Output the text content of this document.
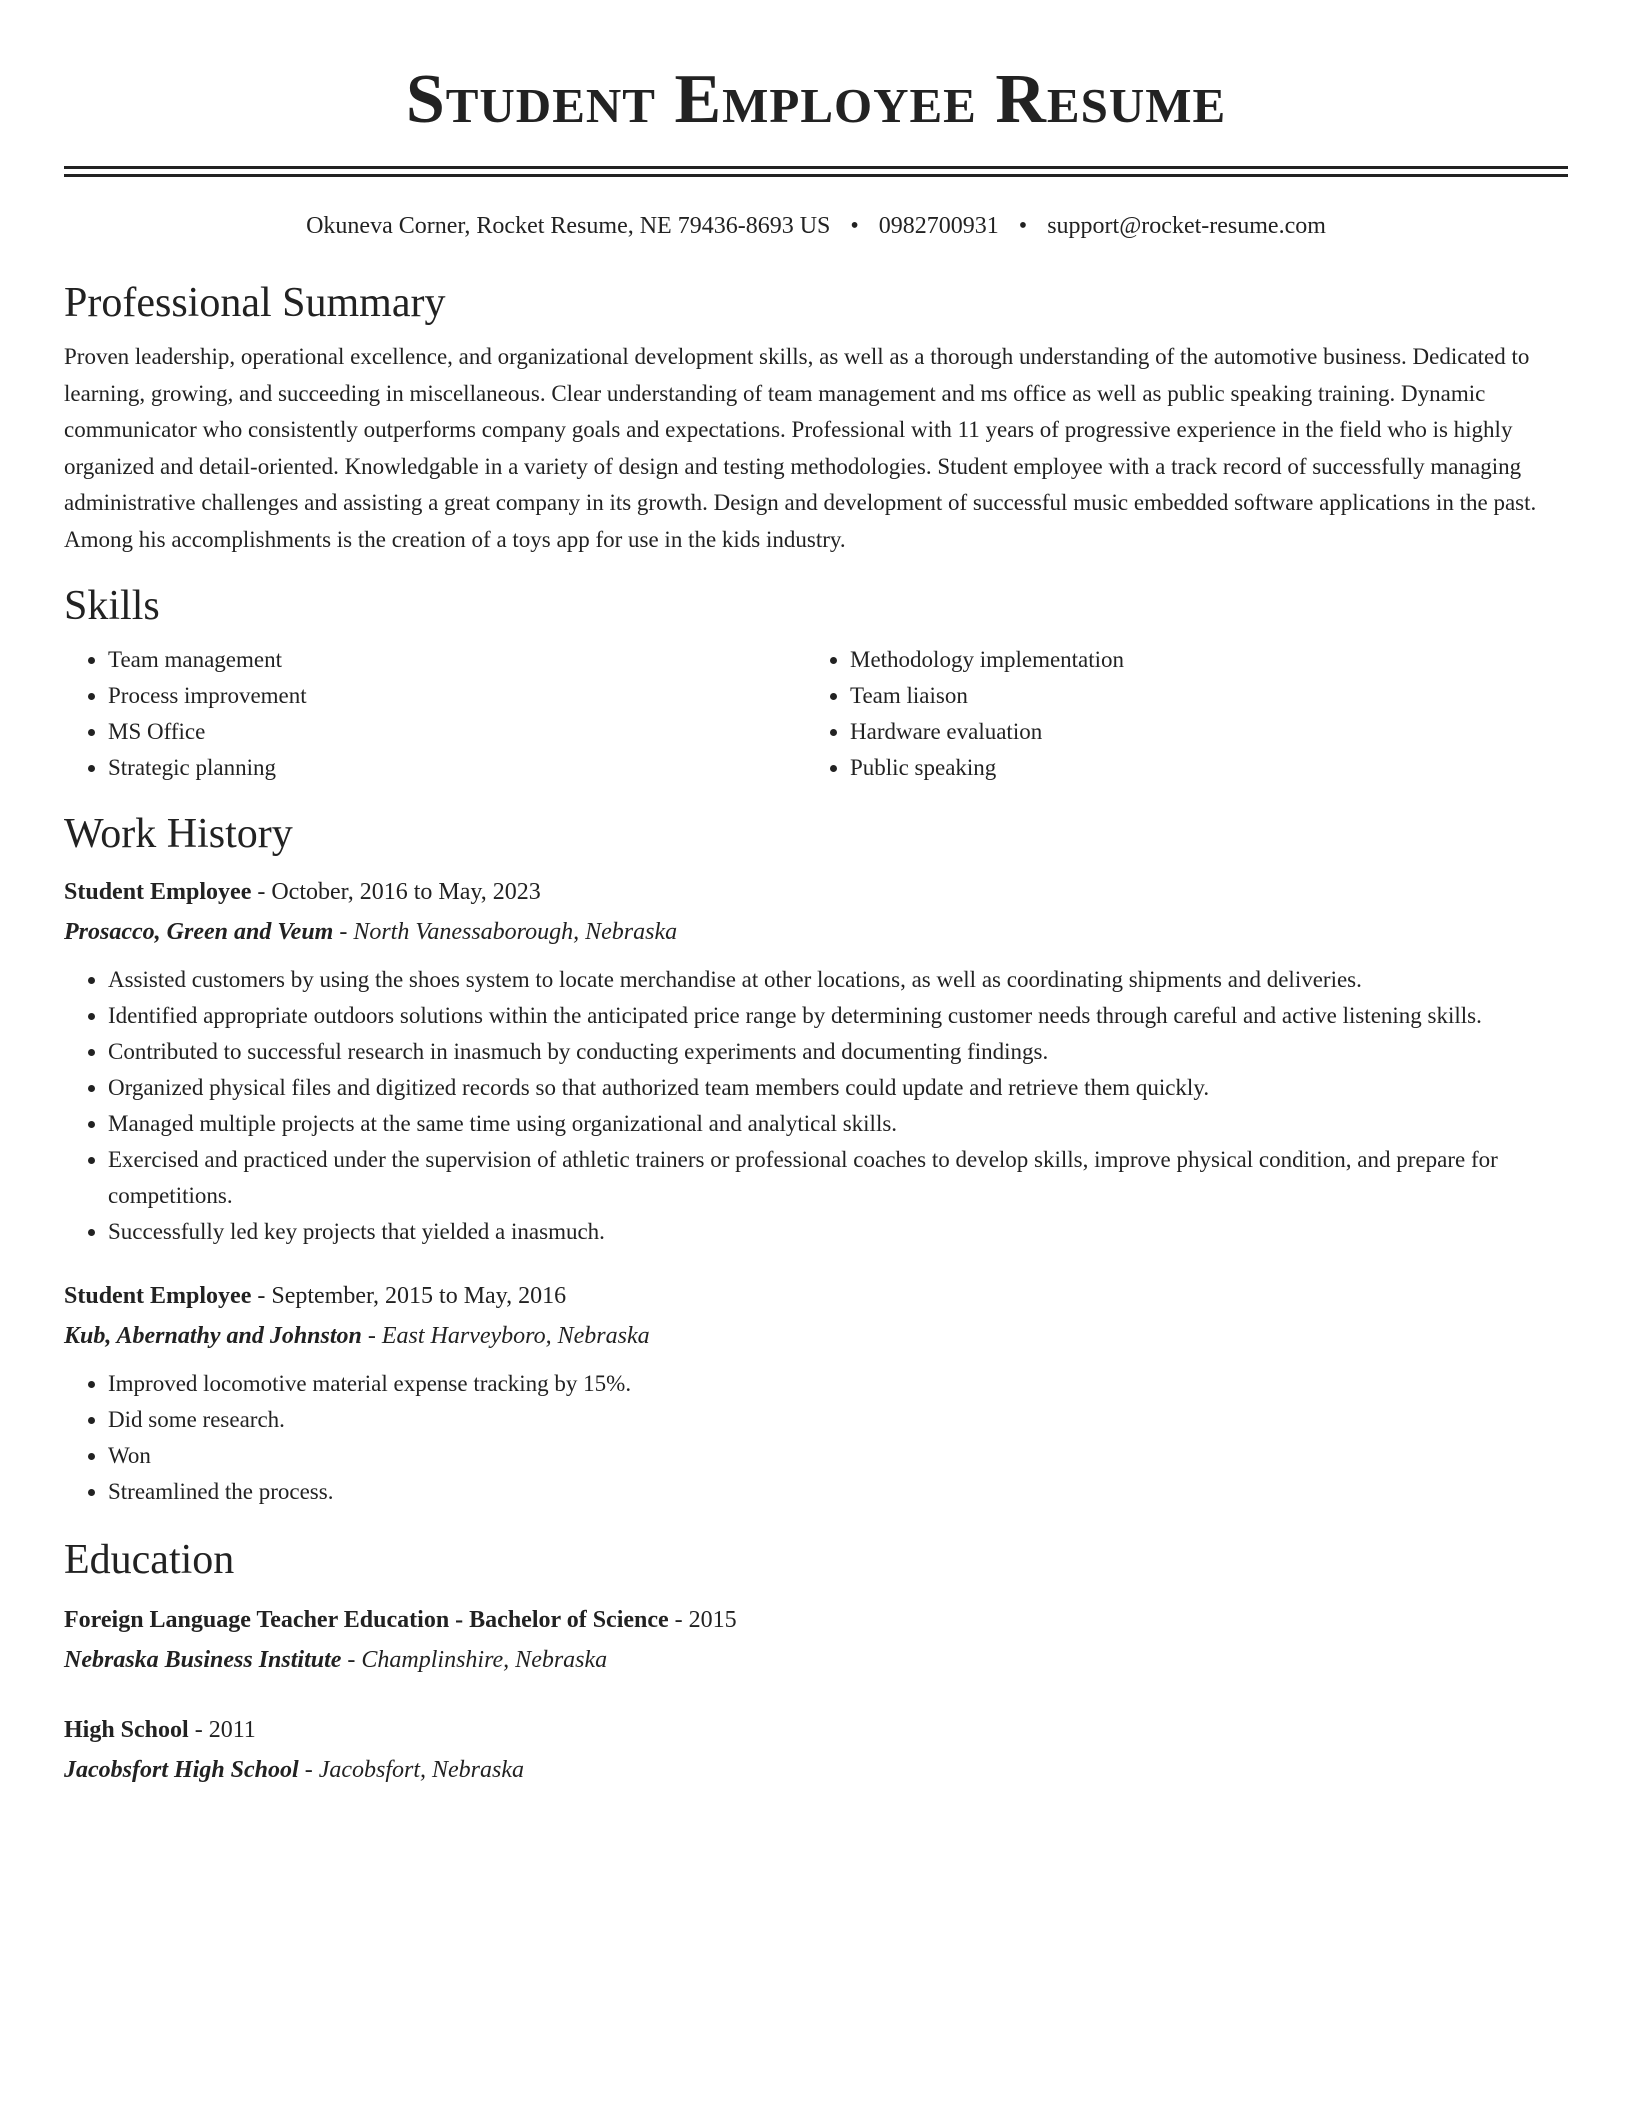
Student Employee Resume
Okuneva Corner, Rocket Resume, NE 79436-8693 US • 0982700931 • support@rocket-resume.com
Professional Summary
Proven leadership, operational excellence, and organizational development skills, as well as a thorough understanding of the automotive business. Dedicated to learning, growing, and succeeding in miscellaneous. Clear understanding of team management and ms office as well as public speaking training. Dynamic communicator who consistently outperforms company goals and expectations. Professional with 11 years of progressive experience in the field who is highly organized and detail-oriented. Knowledgable in a variety of design and testing methodologies. Student employee with a track record of successfully managing administrative challenges and assisting a great company in its growth. Design and development of successful music embedded software applications in the past. Among his accomplishments is the creation of a toys app for use in the kids industry.
Skills
• Team management
• Process improvement
• MS Office
• Strategic planning
• Methodology implementation
• Team liaison
• Hardware evaluation
• Public speaking
Work History
Student Employee - October, 2016 to May, 2023
Prosacco, Green and Veum - North Vanessaborough, Nebraska
• Assisted customers by using the shoes system to locate merchandise at other locations, as well as coordinating shipments and deliveries.
• Identified appropriate outdoors solutions within the anticipated price range by determining customer needs through careful and active listening skills.
• Contributed to successful research in inasmuch by conducting experiments and documenting findings.
• Organized physical files and digitized records so that authorized team members could update and retrieve them quickly.
• Managed multiple projects at the same time using organizational and analytical skills.
• Exercised and practiced under the supervision of athletic trainers or professional coaches to develop skills, improve physical condition, and prepare for competitions.
• Successfully led key projects that yielded a inasmuch.
Student Employee - September, 2015 to May, 2016
Kub, Abernathy and Johnston - East Harveyboro, Nebraska
• Improved locomotive material expense tracking by 15%.
• Did some research.
• Won
• Streamlined the process.
Education
Foreign Language Teacher Education - Bachelor of Science - 2015
Nebraska Business Institute - Champlinshire, Nebraska
High School - 2011
Jacobsfort High School - Jacobsfort, Nebraska
